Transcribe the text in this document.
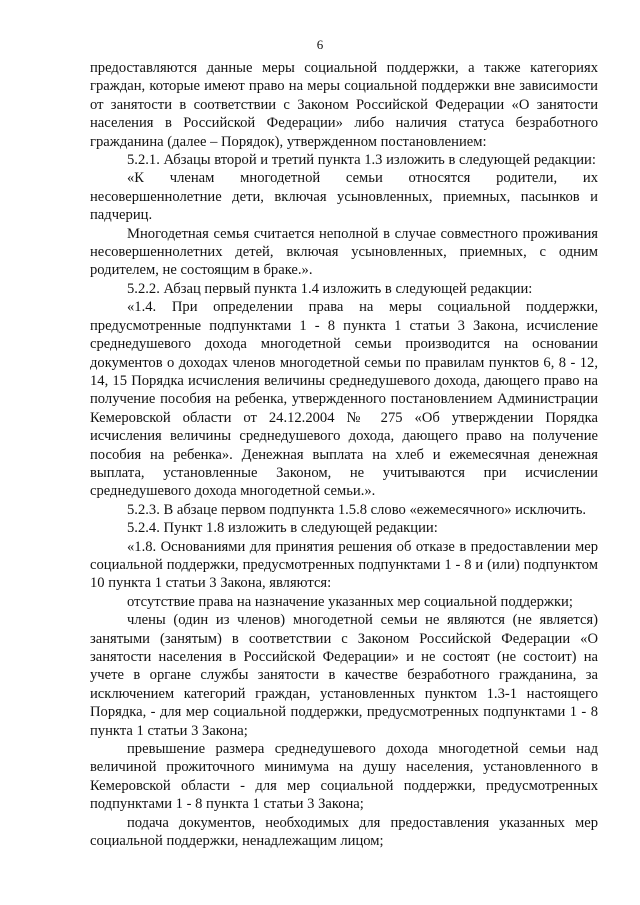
6

предоставляются данные меры социальной поддержки, а также категориях граждан, которые имеют право на меры социальной поддержки вне зависимости от занятости в соответствии с Законом Российской Федерации «О занятости населения в Российской Федерации» либо наличия статуса безработного гражданина (далее – Порядок), утвержденном постановлением:

5.2.1. Абзацы второй и третий пункта 1.3 изложить в следующей редакции:

«К членам многодетной семьи относятся родители, их несовершеннолетние дети, включая усыновленных, приемных, пасынков и падчериц.

Многодетная семья считается неполной в случае совместного проживания несовершеннолетних детей, включая усыновленных, приемных, с одним родителем, не состоящим в браке.».

5.2.2. Абзац первый пункта 1.4 изложить в следующей редакции:

«1.4. При определении права на меры социальной поддержки, предусмотренные подпунктами 1 - 8 пункта 1 статьи 3 Закона, исчисление среднедушевого дохода многодетной семьи производится на основании документов о доходах членов многодетной семьи по правилам пунктов 6, 8 - 12, 14, 15 Порядка исчисления величины среднедушевого дохода, дающего право на получение пособия на ребенка, утвержденного постановлением Администрации Кемеровской области от 24.12.2004 № 275 «Об утверждении Порядка исчисления величины среднедушевого дохода, дающего право на получение пособия на ребенка». Денежная выплата на хлеб и ежемесячная денежная выплата, установленные Законом, не учитываются при исчислении среднедушевого дохода многодетной семьи.».

5.2.3. В абзаце первом подпункта 1.5.8 слово «ежемесячного» исключить.

5.2.4. Пункт 1.8 изложить в следующей редакции:

«1.8. Основаниями для принятия решения об отказе в предоставлении мер социальной поддержки, предусмотренных подпунктами 1 - 8 и (или) подпунктом 10 пункта 1 статьи 3 Закона, являются:

отсутствие права на назначение указанных мер социальной поддержки;

члены (один из членов) многодетной семьи не являются (не является) занятыми (занятым) в соответствии с Законом Российской Федерации «О занятости населения в Российской Федерации» и не состоят (не состоит) на учете в органе службы занятости в качестве безработного гражданина, за исключением категорий граждан, установленных пунктом 1.3-1 настоящего Порядка, - для мер социальной поддержки, предусмотренных подпунктами 1 - 8 пункта 1 статьи 3 Закона;

превышение размера среднедушевого дохода многодетной семьи над величиной прожиточного минимума на душу населения, установленного в Кемеровской области - для мер социальной поддержки, предусмотренных подпунктами 1 - 8 пункта 1 статьи 3 Закона;

подача документов, необходимых для предоставления указанных мер социальной поддержки, ненадлежащим лицом;
